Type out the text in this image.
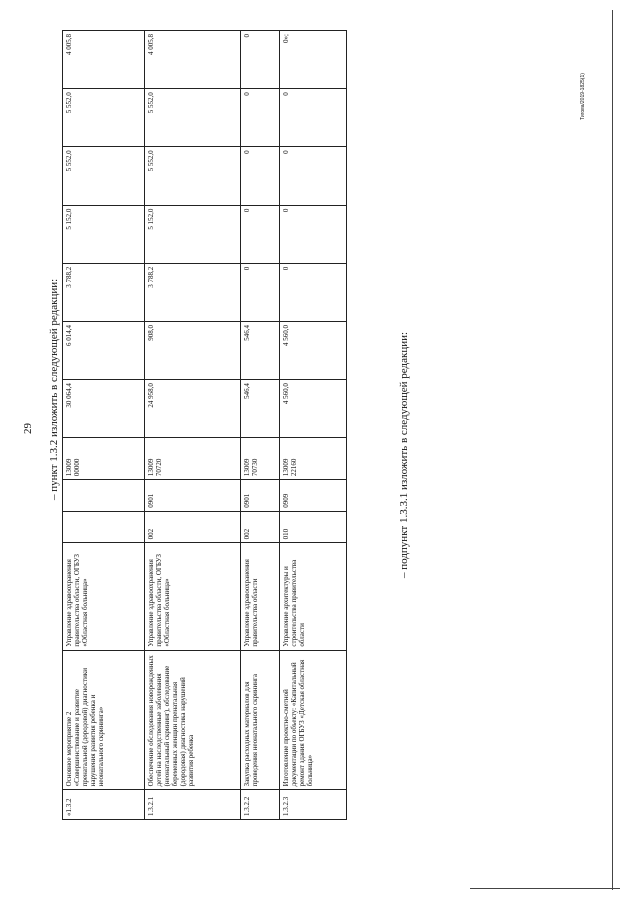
29 – пункт 1.3.2 изложить в следующей редакции:	– подпункт 1.3.3.1 изложить в следующей редакции:
Тигова/2019-1825(1)
«1.3.2	Основное мероприятие 2 «Совершенствование и развитие пренатальной (дородовой) диагностики нарушения развития ребенка и неонатального скрининга»	Управление здравоохранения правительства области, ОГБУЗ «Областная больница»			13009 00000	30 064,4	6 014,4	3 788,2	5 152,0	5 552,0	5 552,0	4 005,8
1.3.2.1	Обеспечение обследования новорожденных детей на наследственные заболевания (неонатальный скрининг), обследование беременных женщин пренатальная (дородовая) диагностика нарушений развития ребенка	Управление здравоохранения правительства области, ОГБУЗ «Областная больница»	002	0901	13009 70720	24 958,0	908,0	3 788,2	5 152,0	5 552,0	5 552,0	4 005,8
1.3.2.2	Закупка расходных материалов для проведения неонатального скрининга	Управление здравоохранения правительства области	002	0901	13009 70730	546,4	546,4	0	0	0	0	0
1.3.2.3	Изготовление проектно-сметной документации по объекту: «Капитальный ремонт здания ОГБУЗ «Детская областная больница»	Управление архитектуры и строительства правительства области	010	0909	13009 22160	4 560,0	4 560,0	0	0	0	0	0»;
